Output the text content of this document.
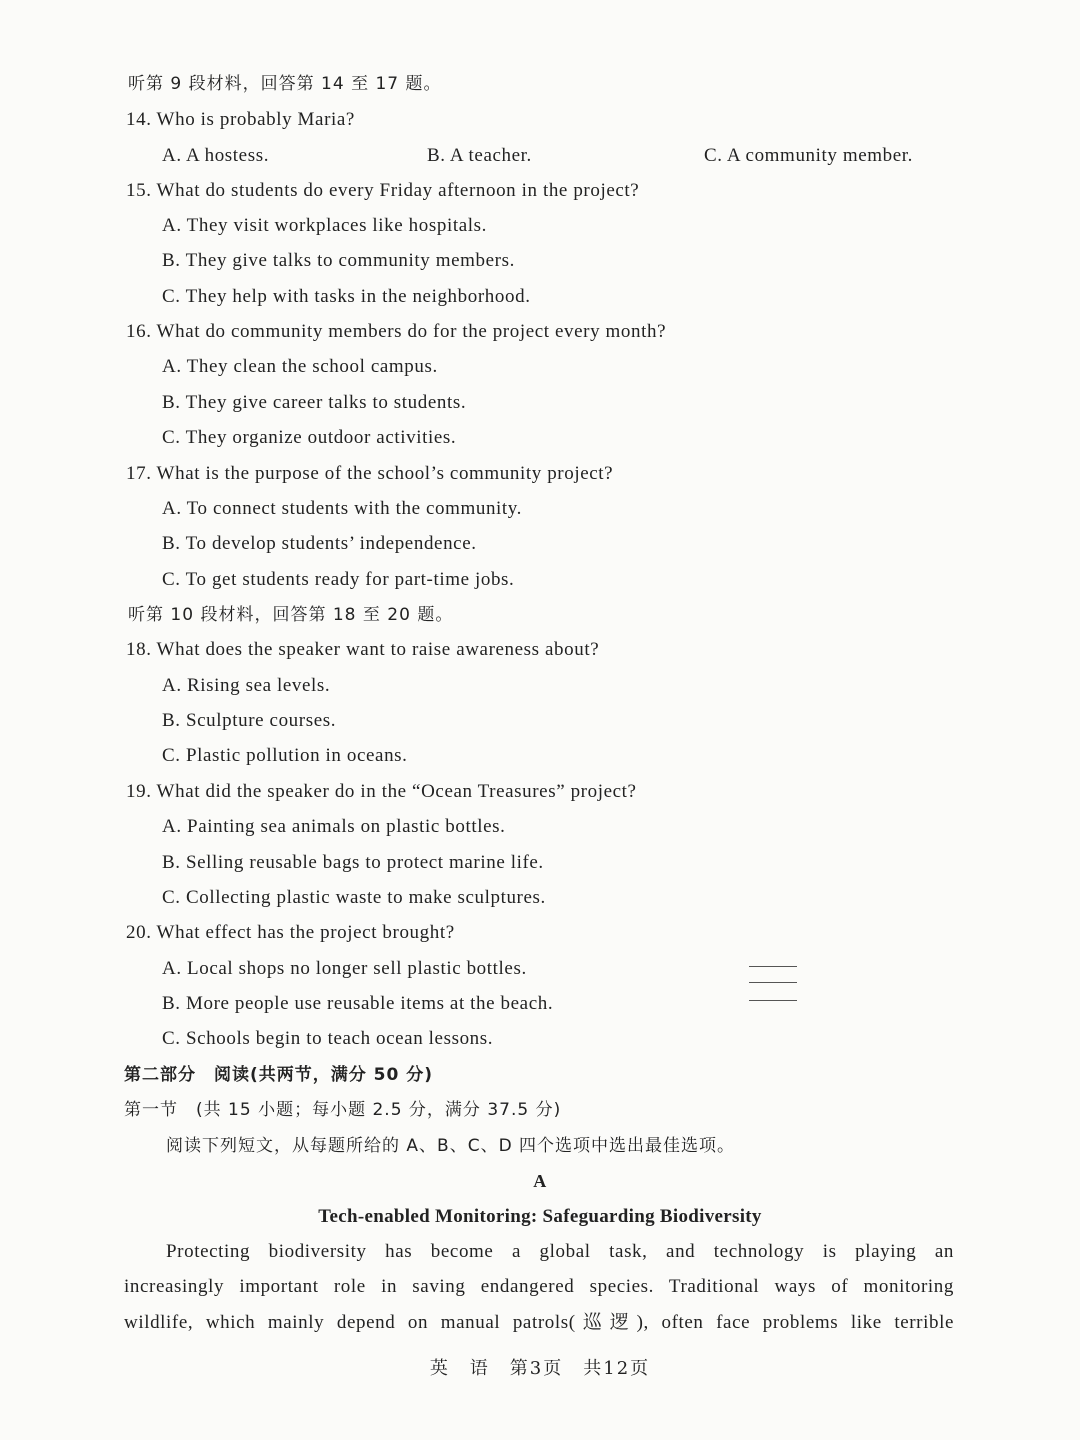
听第 9 段材料，回答第 14 至 17 题。
14. Who is probably Maria?
A. A hostess.	B. A teacher.	C. A community member.
15. What do students do every Friday afternoon in the project?
A. They visit workplaces like hospitals.
B. They give talks to community members.
C. They help with tasks in the neighborhood.
16. What do community members do for the project every month?
A. They clean the school campus.
B. They give career talks to students.
C. They organize outdoor activities.
17. What is the purpose of the school’s community project?
A. To connect students with the community.
B. To develop students’ independence.
C. To get students ready for part-time jobs.
听第 10 段材料，回答第 18 至 20 题。
18. What does the speaker want to raise awareness about?
A. Rising sea levels.
B. Sculpture courses.
C. Plastic pollution in oceans.
19. What did the speaker do in the “Ocean Treasures” project?
A. Painting sea animals on plastic bottles.
B. Selling reusable bags to protect marine life.
C. Collecting plastic waste to make sculptures.
20. What effect has the project brought?
A. Local shops no longer sell plastic bottles.
B. More people use reusable items at the beach.
C. Schools begin to teach ocean lessons.
第二部分　阅读(共两节，满分 50 分)
第一节　(共 15 小题；每小题 2.5 分，满分 37.5 分)
阅读下列短文，从每题所给的 A、B、C、D 四个选项中选出最佳选项。
A
Tech-enabled Monitoring: Safeguarding Biodiversity
Protecting biodiversity has become a global task, and technology is playing an
increasingly important role in saving endangered species. Traditional ways of monitoring
wildlife, which mainly depend on manual patrols(巡逻), often face problems like terrible
英　语　第3页　共12页
